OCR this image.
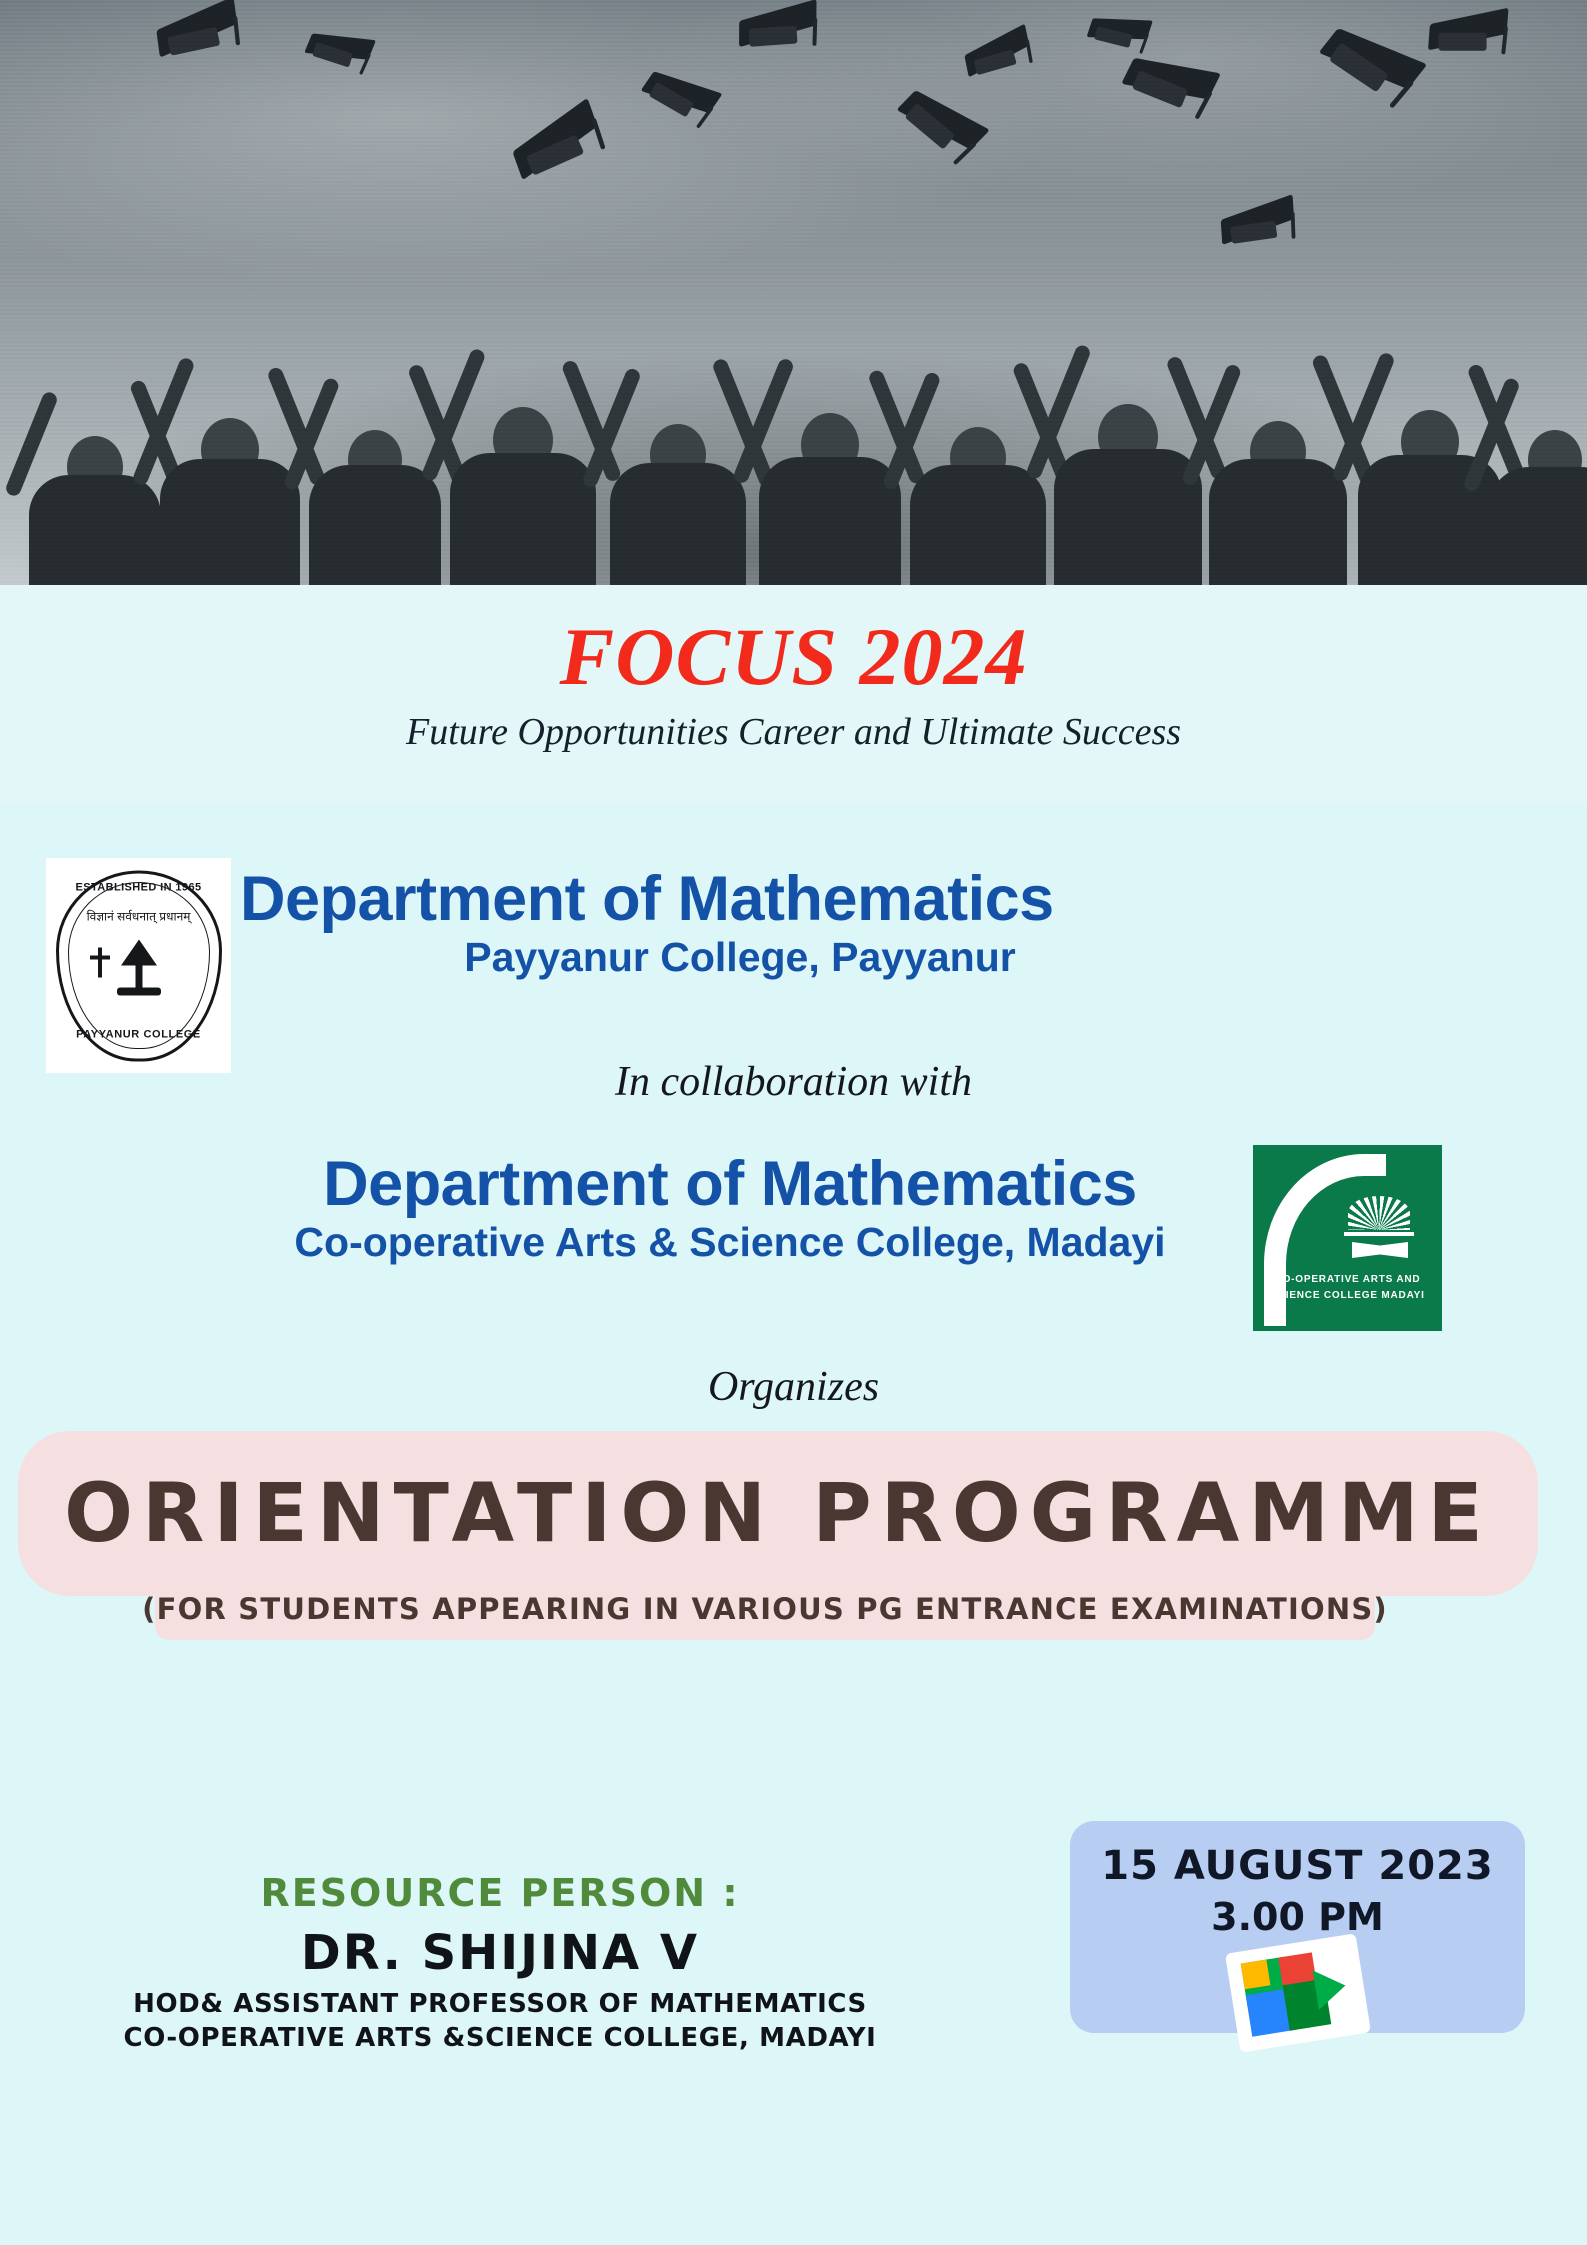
FOCUS 2024

Future Opportunities Career and Ultimate Success

ESTABLISHED IN 1965
विज्ञानं सर्वधनात् प्रधानम्
PAYYANUR COLLEGE
Department of Mathematics
Payyanur College, Payyanur
In collaboration with
Department of Mathematics
Co-operative Arts & Science College, Madayi
CO-OPERATIVE ARTS AND
SCIENCE COLLEGE MADAYI
Organizes
ORIENTATION PROGRAMME
(FOR STUDENTS APPEARING IN VARIOUS PG ENTRANCE EXAMINATIONS)
15 AUGUST 2023
3.00 PM
RESOURCE PERSON :
DR. SHIJINA V
HOD& ASSISTANT PROFESSOR OF MATHEMATICS
CO-OPERATIVE ARTS &SCIENCE COLLEGE, MADAYI
